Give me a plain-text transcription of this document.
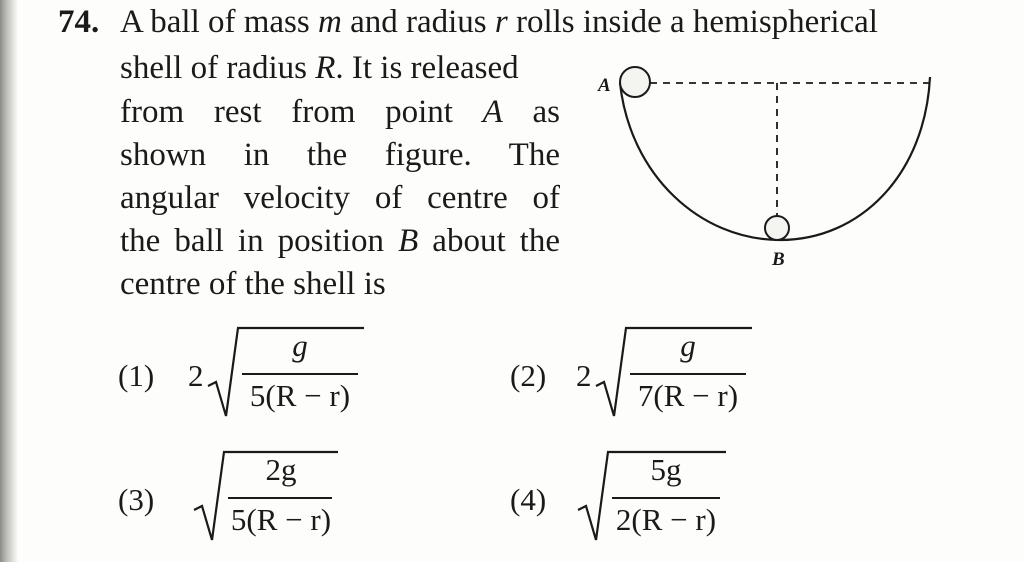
74. A ball of mass m and radius r rolls inside a hemispherical
shell of radius R. It is released
from rest from point A as
shown in the figure. The
angular velocity of centre of
the ball in position B about the
centre of the shell is
A
B
(1) 2
g
5(R − r)
(2) 2
g
7(R − r)
(3)
2g
5(R − r)
(4)
5g
2(R − r)
